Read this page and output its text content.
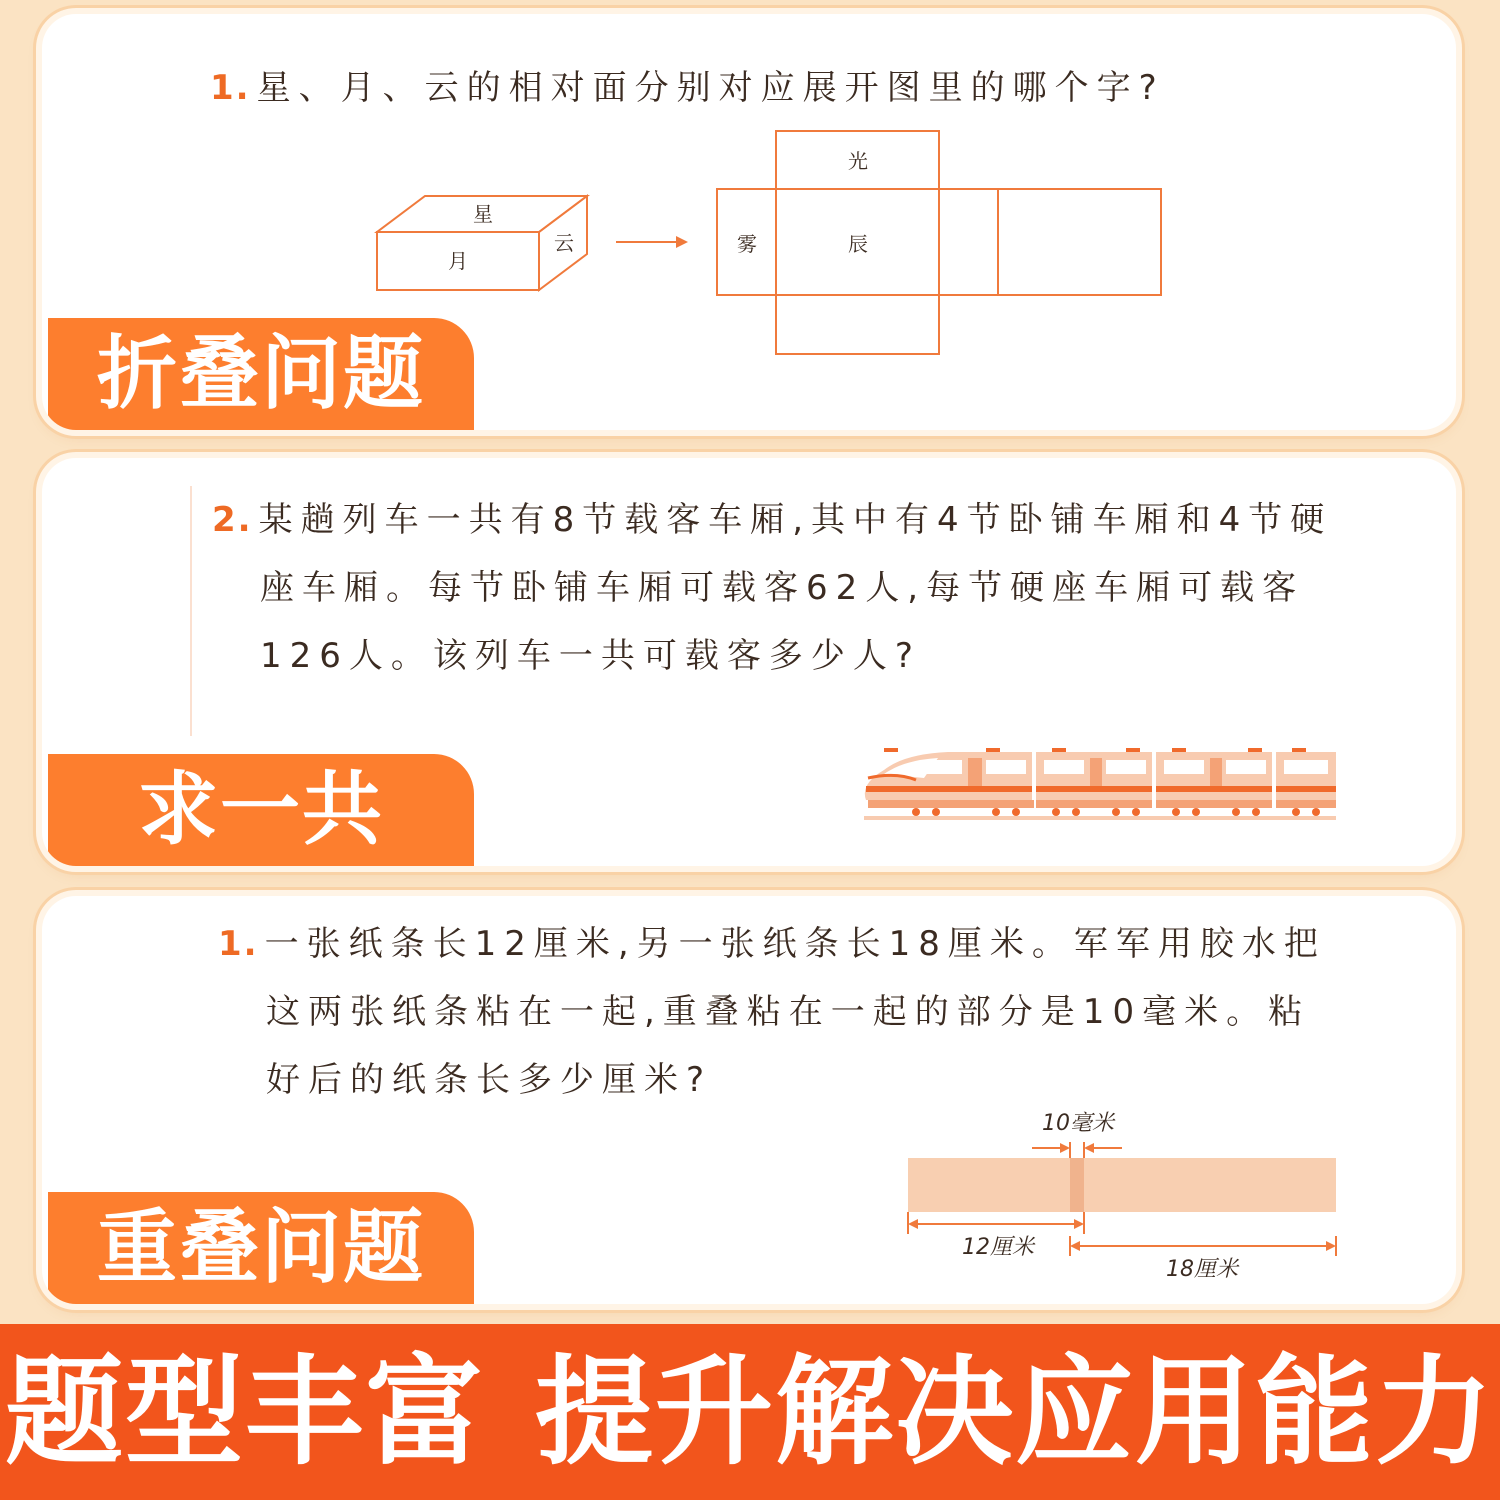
1. 星、月、云的相对面分别对应展开图里的哪个字?
星
月
云
光
雾	辰
折叠问题
2. 某趟列车一共有8节载客车厢,其中有4节卧铺车厢和4节硬
座车厢。每节卧铺车厢可载客62人,每节硬座车厢可载客
126人。该列车一共可载客多少人?
求一共
1. 一张纸条长12厘米,另一张纸条长18厘米。军军用胶水把
这两张纸条粘在一起,重叠粘在一起的部分是10毫米。粘
好后的纸条长多少厘米?
10毫米
12厘米
18厘米
重叠问题
题型丰富 提升解决应用能力
